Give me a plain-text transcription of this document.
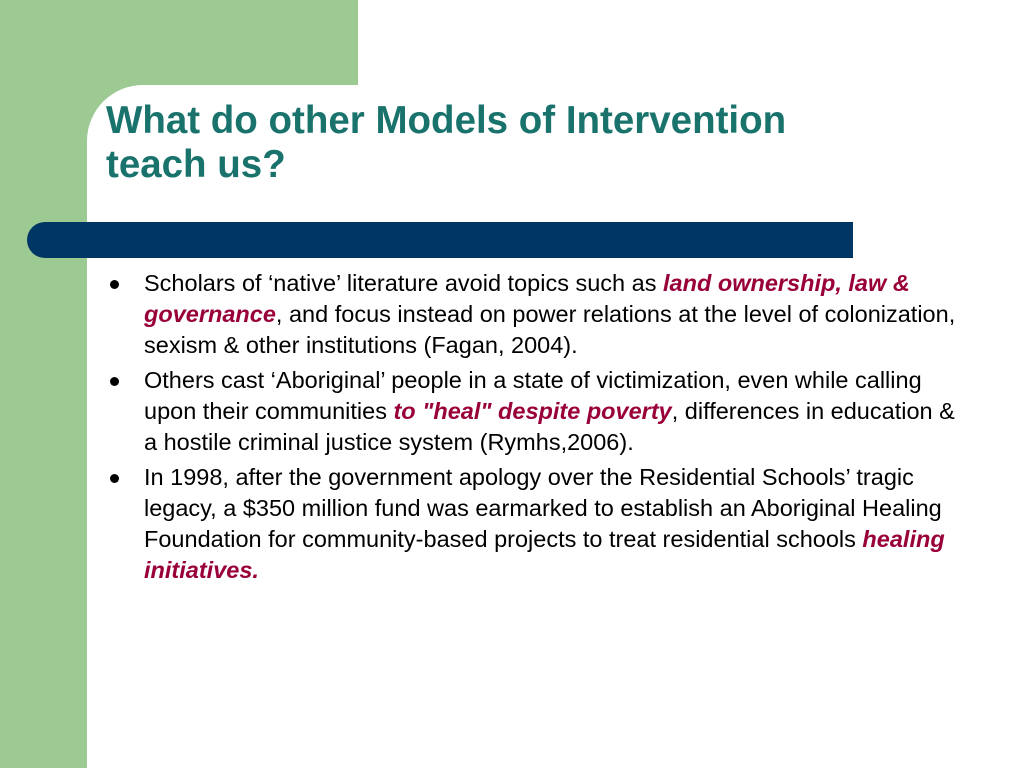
What do other Models of Intervention
teach us?
Scholars of ‘native’ literature avoid topics such as land ownership, law & governance, and focus instead on power relations at the level of colonization, sexism & other institutions (Fagan, 2004).
Others cast ‘Aboriginal’ people in a state of victimization, even while calling upon their communities to "heal" despite poverty, differences in education & a hostile criminal justice system (Rymhs,2006).
In 1998, after the government apology over the Residential Schools’ tragic legacy, a $350 million fund was earmarked to establish an Aboriginal Healing Foundation for community-based projects to treat residential schools healing initiatives.
